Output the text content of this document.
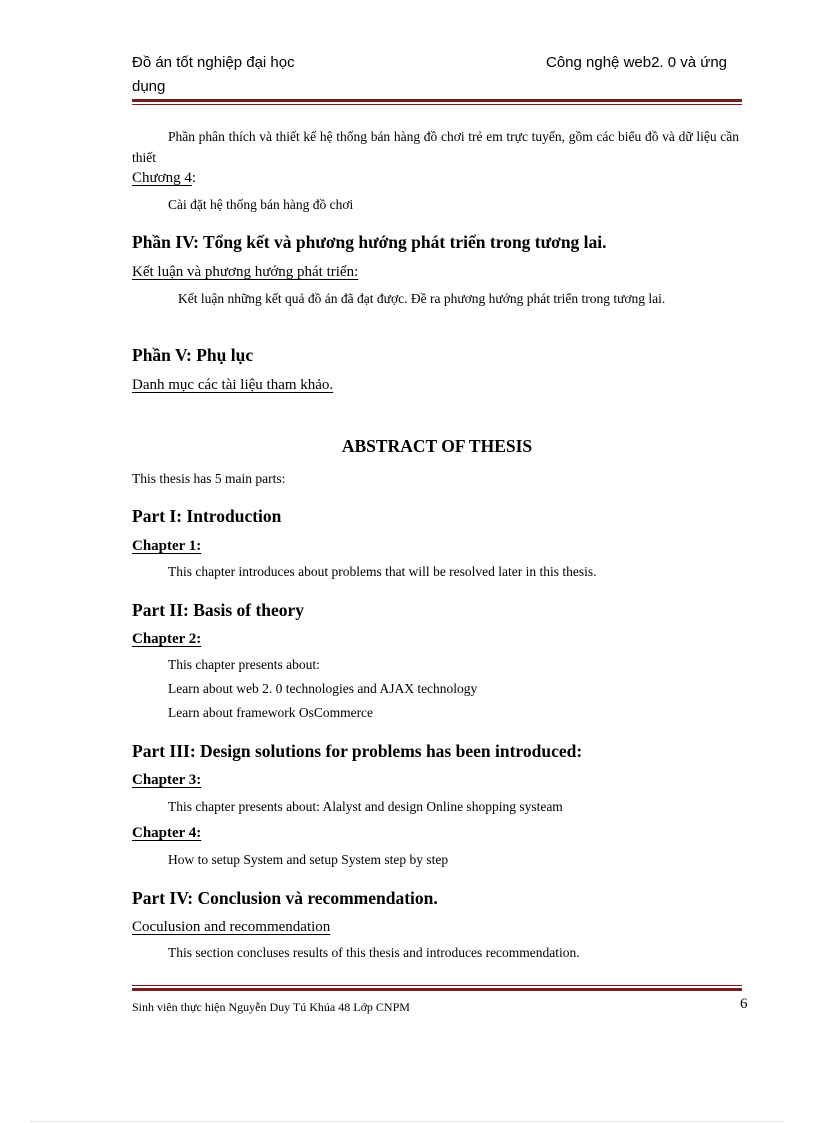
Đồ án tốt nghiệp đại học	Công nghệ web2. 0 và ứng
dụng
Phần phân thích và thiết kế hệ thống bán hàng đồ chơi trẻ em trực tuyến, gồm các biểu đồ và dữ liệu cần thiết
Chương 4:
Cài đặt hệ thống bán hàng đồ chơi
Phần IV: Tổng kết và phương hướng phát triển trong tương lai.
Kết luận và phương hướng phát triển:
Kết luận những kết quả đồ án đã đạt được. Đề ra phương hướng phát triển trong tương lai.
Phần V: Phụ lục
Danh mục các tài liệu tham khảo.
ABSTRACT OF THESIS
This thesis has 5 main parts:
Part I: Introduction
Chapter 1:
This chapter introduces about problems that will be resolved later in this thesis.
Part II: Basis of theory
Chapter 2:
This chapter presents about:
Learn about web 2. 0 technologies and AJAX technology
Learn about framework OsCommerce
Part III: Design solutions for problems has been introduced:
Chapter 3:
This chapter presents about: Alalyst and design Online shopping systeam
Chapter 4:
How to setup System and setup System step by step
Part IV: Conclusion và recommendation.
Coculusion and recommendation
This section concluses results of this thesis and introduces recommendation.
Sinh viên thực hiện Nguyễn Duy Tú Khúa 48 Lớp CNPM	6
